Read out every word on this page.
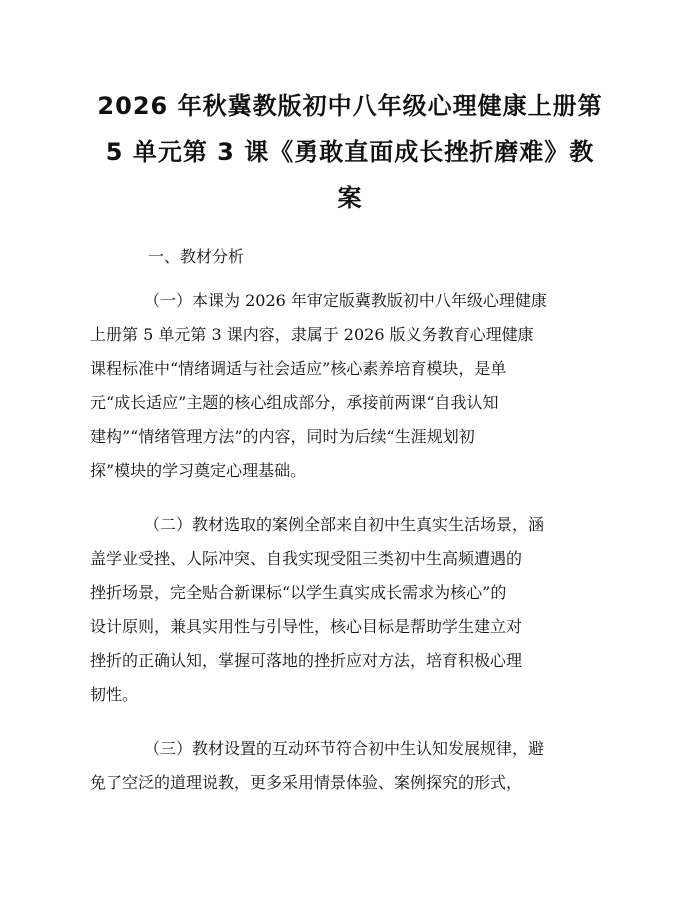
2026 年秋冀教版初中八年级心理健康上册第
5 单元第 3 课《勇敢直面成长挫折磨难》教
案

一、教材分析

（一）本课为 2026 年审定版冀教版初中八年级心理健康
上册第 5 单元第 3 课内容，隶属于 2026 版义务教育心理健康
课程标准中“情绪调适与社会适应”核心素养培育模块，是单
元“成长适应”主题的核心组成部分，承接前两课“自我认知
建构”“情绪管理方法”的内容，同时为后续“生涯规划初
探”模块的学习奠定心理基础。

（二）教材选取的案例全部来自初中生真实生活场景，涵
盖学业受挫、人际冲突、自我实现受阻三类初中生高频遭遇的
挫折场景，完全贴合新课标“以学生真实成长需求为核心”的
设计原则，兼具实用性与引导性，核心目标是帮助学生建立对
挫折的正确认知，掌握可落地的挫折应对方法，培育积极心理
韧性。

（三）教材设置的互动环节符合初中生认知发展规律，避
免了空泛的道理说教，更多采用情景体验、案例探究的形式，
